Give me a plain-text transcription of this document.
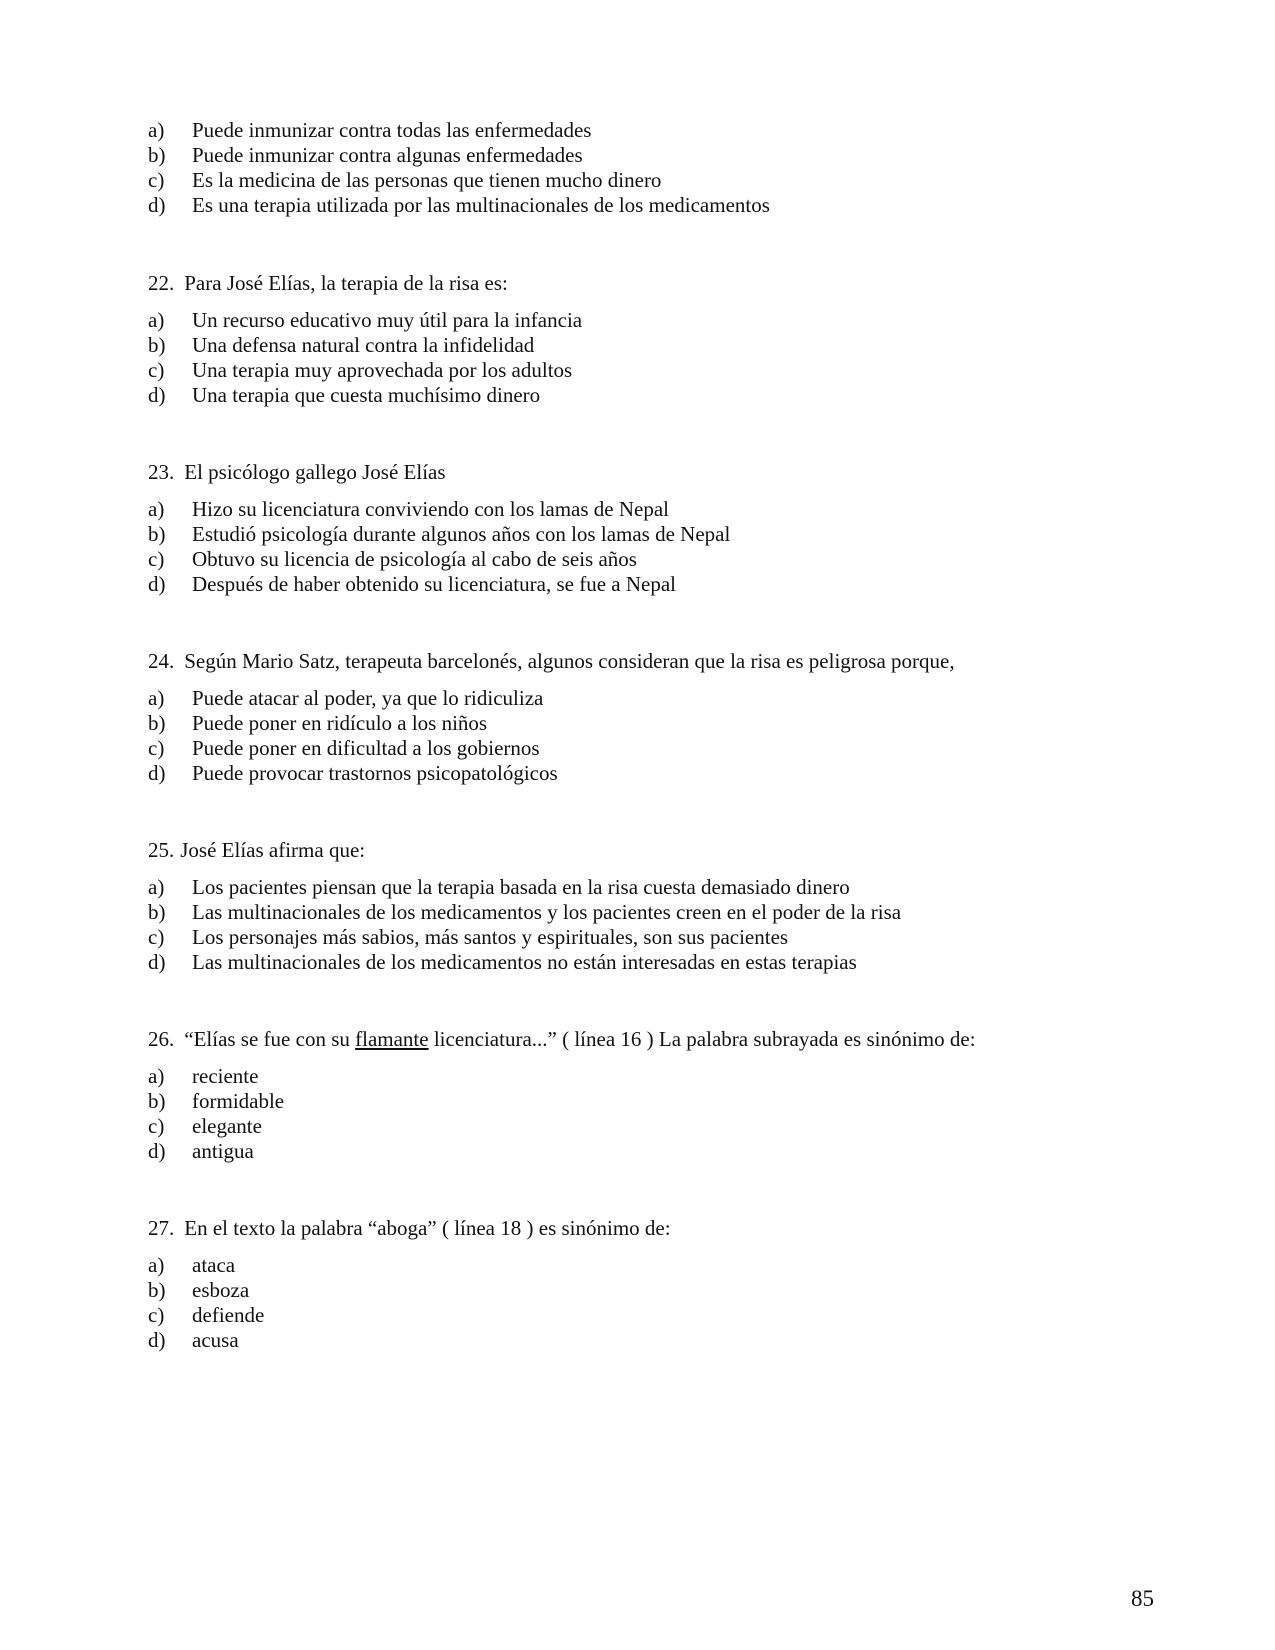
a)	Puede inmunizar contra todas las enfermedades
b)	Puede inmunizar contra algunas enfermedades
c)	Es la medicina de las personas que tienen mucho dinero
d)	Es una terapia utilizada por las multinacionales de los medicamentos
22. Para José Elías, la terapia de la risa es:
a)	Un recurso educativo muy útil para la infancia
b)	Una defensa natural contra la infidelidad
c)	Una terapia muy aprovechada por los adultos
d)	Una terapia que cuesta muchísimo dinero
23. El psicólogo gallego José Elías
a)	Hizo su licenciatura conviviendo con los lamas de Nepal
b)	Estudió psicología durante algunos años con los lamas de Nepal
c)	Obtuvo su licencia de psicología al cabo de seis años
d)	Después de haber obtenido su licenciatura, se fue a Nepal
24. Según Mario Satz, terapeuta barcelonés, algunos consideran que la risa es peligrosa porque,
a)	Puede atacar al poder, ya que lo ridiculiza
b)	Puede poner en ridículo a los niños
c)	Puede poner en dificultad a los gobiernos
d)	Puede provocar trastornos psicopatológicos
25. José Elías afirma que:
a)	Los pacientes piensan que la terapia basada en la risa cuesta demasiado dinero
b)	Las multinacionales de los medicamentos y los pacientes creen en el poder de la risa
c)	Los personajes más sabios, más santos y espirituales, son sus pacientes
d)	Las multinacionales de los medicamentos no están interesadas en estas terapias
26. “Elías se fue con su flamante licenciatura...” ( línea 16 ) La palabra subrayada es sinónimo de:
a)	reciente
b)	formidable
c)	elegante
d)	antigua
27. En el texto la palabra “aboga” ( línea 18 ) es sinónimo de:
a)	ataca
b)	esboza
c)	defiende
d)	acusa
85
